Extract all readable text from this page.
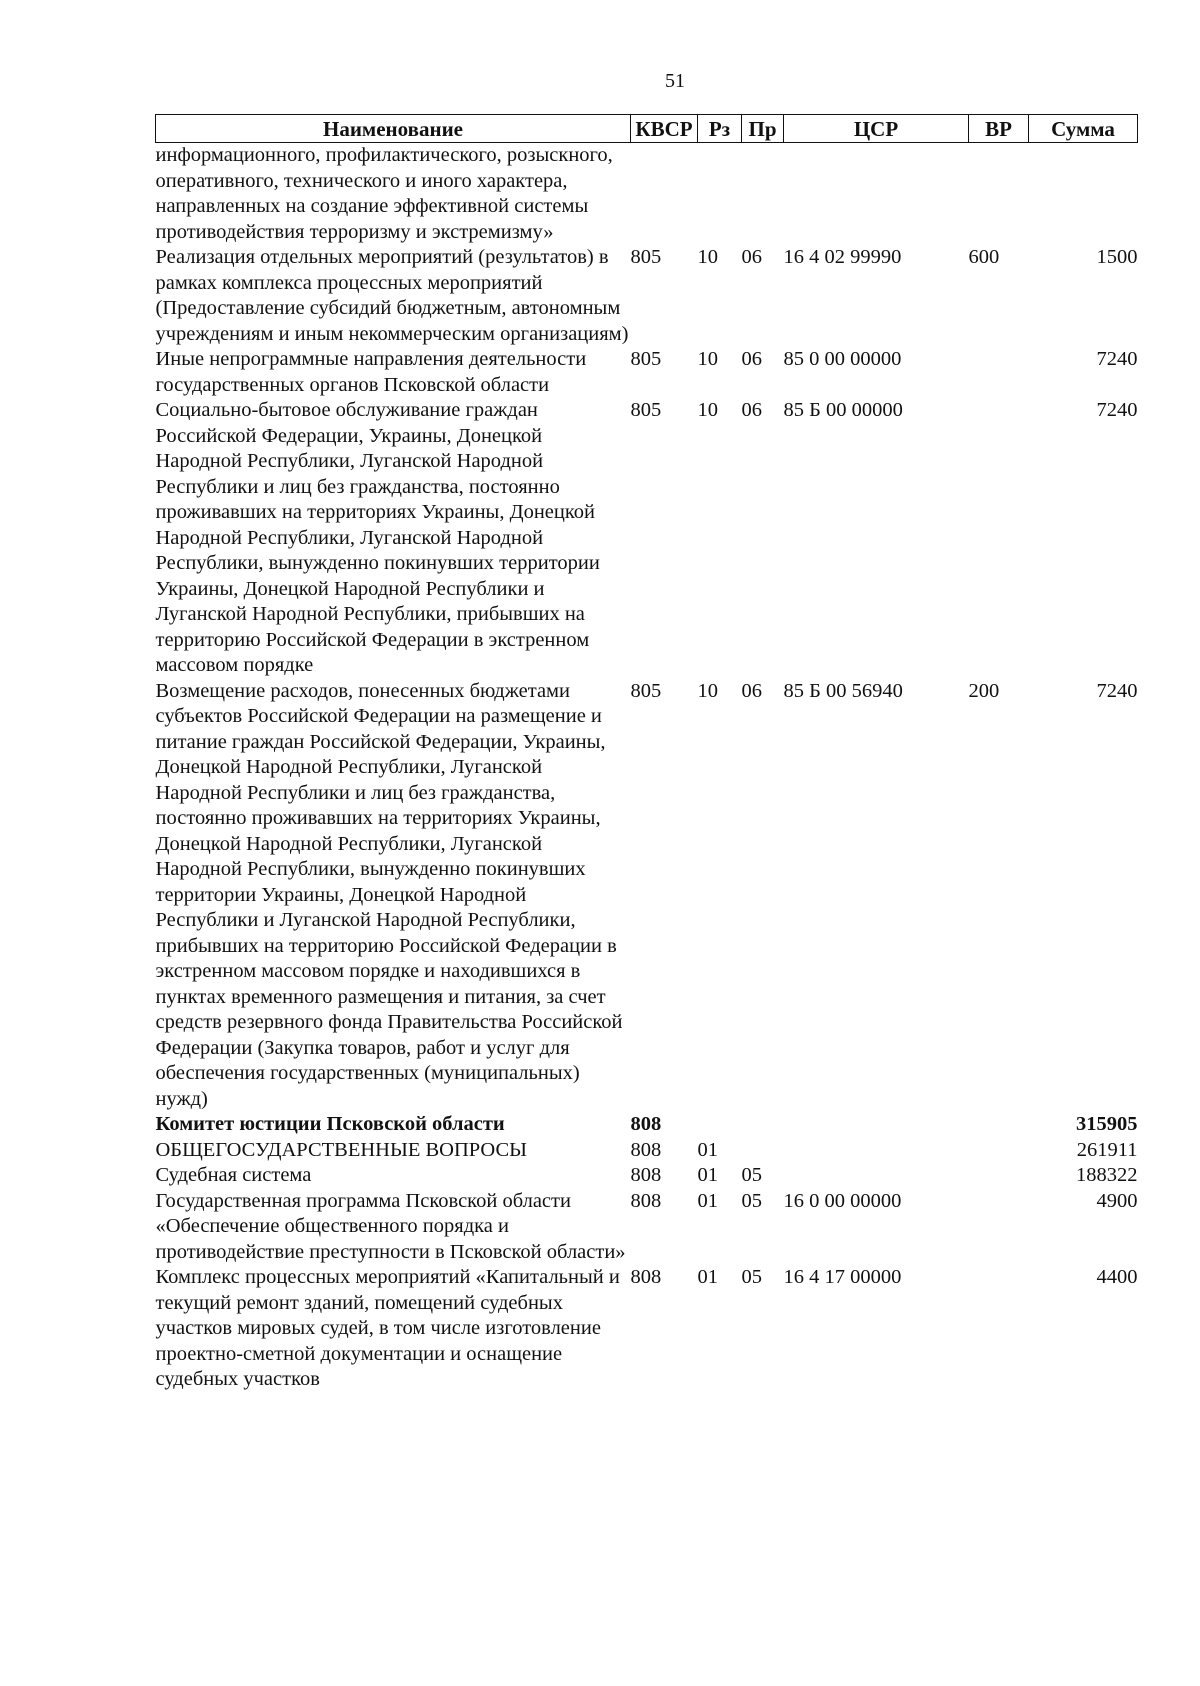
51
Наименование	КВСР	Рз	Пр	ЦСР	ВР	Сумма
информационного, профилактического, розыскного, оперативного, технического и иного характера, направленных на создание эффективной системы противодействия терроризму и экстремизму»						
Реализация отдельных мероприятий (результатов) в рамках комплекса процессных мероприятий (Предоставление субсидий бюджетным, автономным учреждениям и иным некоммерческим организациям)	805	10	06	16 4 02 99990	600	1500
Иные непрограммные направления деятельности государственных органов Псковской области	805	10	06	85 0 00 00000		7240
Социально-бытовое обслуживание граждан Российской Федерации, Украины, Донецкой Народной Республики, Луганской Народной Республики и лиц без гражданства, постоянно проживавших на территориях Украины, Донецкой Народной Республики, Луганской Народной Республики, вынужденно покинувших территории Украины, Донецкой Народной Республики и Луганской Народной Республики, прибывших на территорию Российской Федерации в экстренном массовом порядке	805	10	06	85 Б 00 00000		7240
Возмещение расходов, понесенных бюджетами субъектов Российской Федерации на размещение и питание граждан Российской Федерации, Украины, Донецкой Народной Республики, Луганской Народной Республики и лиц без гражданства, постоянно проживавших на территориях Украины, Донецкой Народной Республики, Луганской Народной Республики, вынужденно покинувших территории Украины, Донецкой Народной Республики и Луганской Народной Республики, прибывших на территорию Российской Федерации в экстренном массовом порядке и находившихся в пунктах временного размещения и питания, за счет средств резервного фонда Правительства Российской Федерации (Закупка товаров, работ и услуг для обеспечения государственных (муниципальных) нужд)	805	10	06	85 Б 00 56940	200	7240
Комитет юстиции Псковской области	808					315905
ОБЩЕГОСУДАРСТВЕННЫЕ ВОПРОСЫ	808	01				261911
Судебная система	808	01	05			188322
Государственная программа Псковской области «Обеспечение общественного порядка и противодействие преступности в Псковской области»	808	01	05	16 0 00 00000		4900
Комплекс процессных мероприятий «Капитальный и текущий ремонт зданий, помещений судебных участков мировых судей, в том числе изготовление проектно-сметной документации и оснащение судебных участков	808	01	05	16 4 17 00000		4400
